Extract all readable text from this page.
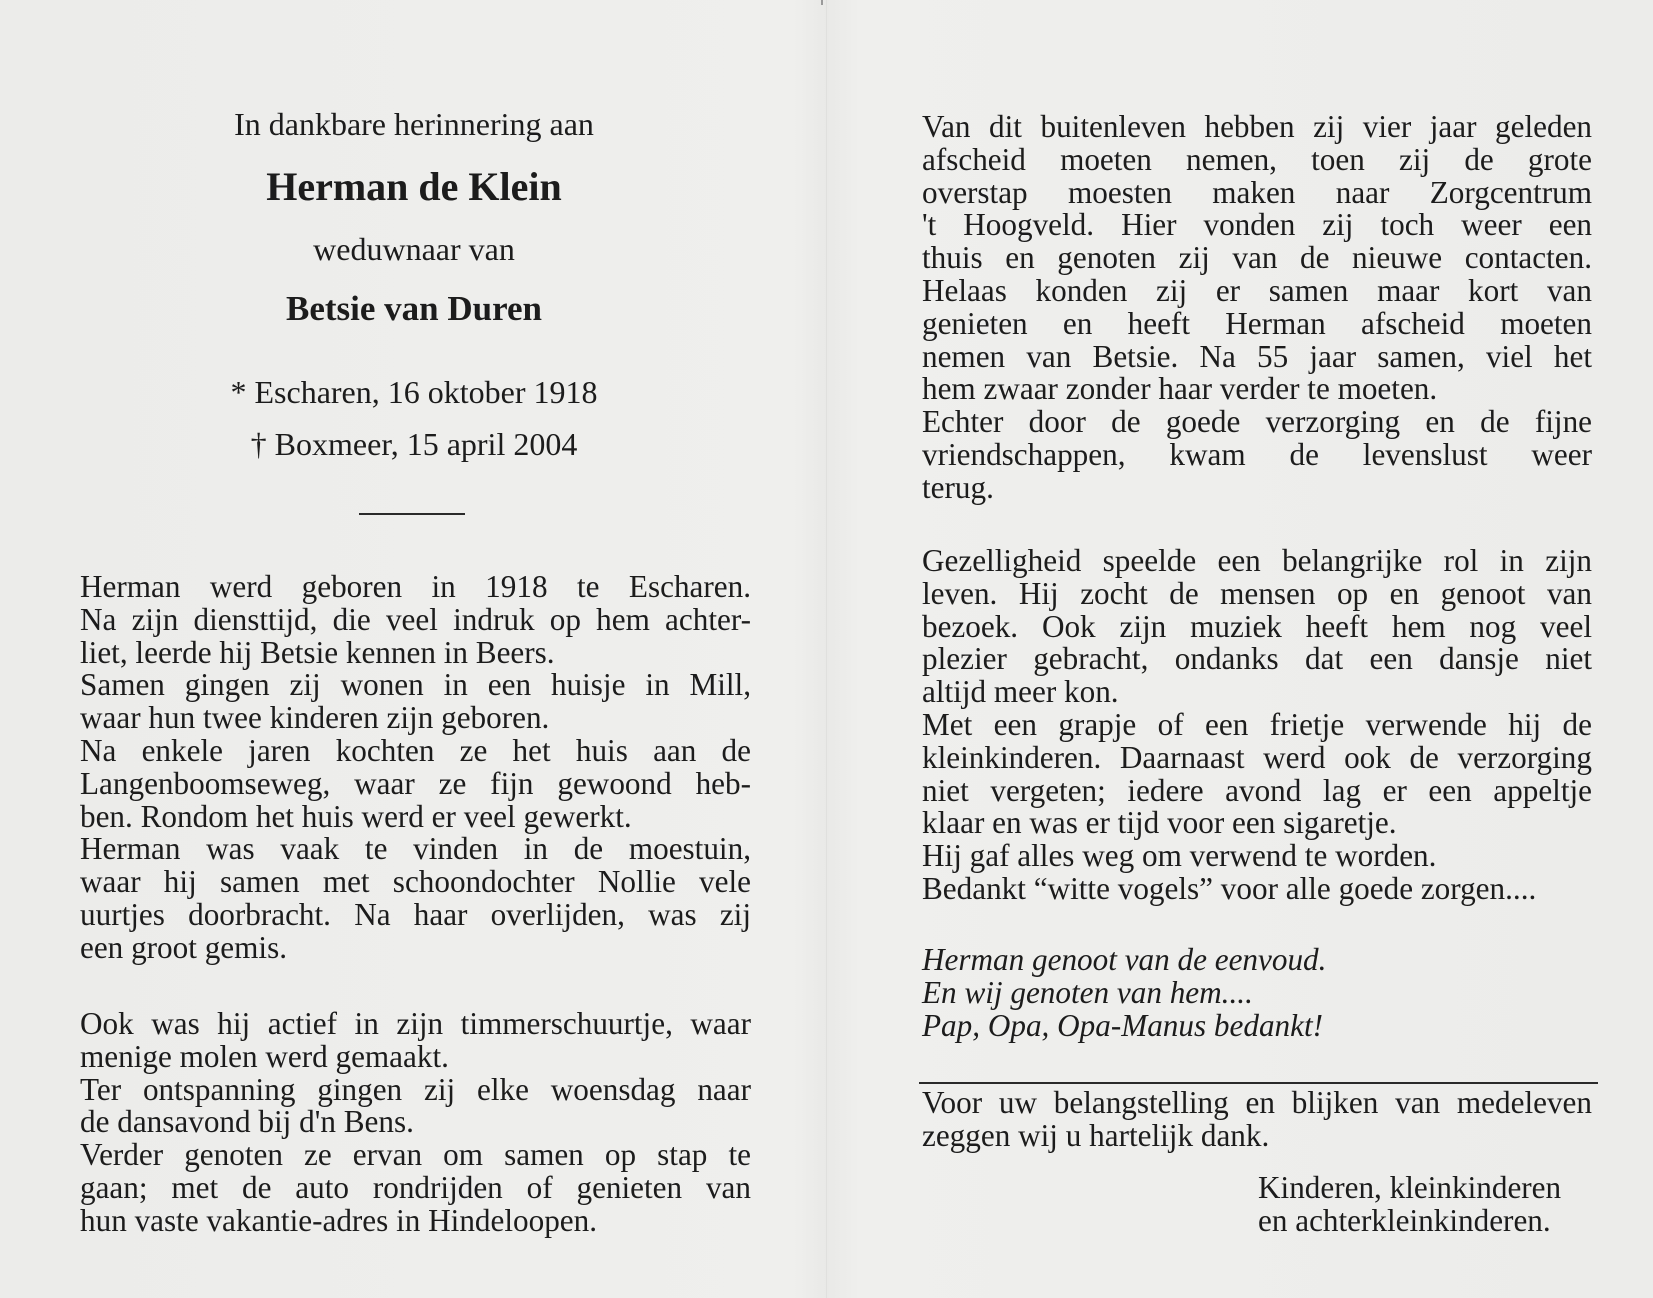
In dankbare herinnering aan
Herman de Klein
weduwnaar van
Betsie van Duren
* Escharen, 16 oktober 1918
† Boxmeer, 15 april 2004
Herman werd geboren in 1918 te Escharen.
Na zijn diensttijd, die veel indruk op hem achter-
liet, leerde hij Betsie kennen in Beers.
Samen gingen zij wonen in een huisje in Mill,
waar hun twee kinderen zijn geboren.
Na enkele jaren kochten ze het huis aan de
Langenboomseweg, waar ze fijn gewoond heb-
ben. Rondom het huis werd er veel gewerkt.
Herman was vaak te vinden in de moestuin,
waar hij samen met schoondochter Nollie vele
uurtjes doorbracht. Na haar overlijden, was zij
een groot gemis.
Ook was hij actief in zijn timmerschuurtje, waar
menige molen werd gemaakt.
Ter ontspanning gingen zij elke woensdag naar
de dansavond bij d'n Bens.
Verder genoten ze ervan om samen op stap te
gaan; met de auto rondrijden of genieten van
hun vaste vakantie-adres in Hindeloopen.
Van dit buitenleven hebben zij vier jaar geleden
afscheid moeten nemen, toen zij de grote
overstap moesten maken naar Zorgcentrum
't Hoogveld. Hier vonden zij toch weer een
thuis en genoten zij van de nieuwe contacten.
Helaas konden zij er samen maar kort van
genieten en heeft Herman afscheid moeten
nemen van Betsie. Na 55 jaar samen, viel het
hem zwaar zonder haar verder te moeten.
Echter door de goede verzorging en de fijne
vriendschappen, kwam de levenslust weer
terug.
Gezelligheid speelde een belangrijke rol in zijn
leven. Hij zocht de mensen op en genoot van
bezoek. Ook zijn muziek heeft hem nog veel
plezier gebracht, ondanks dat een dansje niet
altijd meer kon.
Met een grapje of een frietje verwende hij de
kleinkinderen. Daarnaast werd ook de verzorging
niet vergeten; iedere avond lag er een appeltje
klaar en was er tijd voor een sigaretje.
Hij gaf alles weg om verwend te worden.
Bedankt “witte vogels” voor alle goede zorgen....
Herman genoot van de eenvoud.
En wij genoten van hem....
Pap, Opa, Opa-Manus bedankt!
Voor uw belangstelling en blijken van medeleven
zeggen wij u hartelijk dank.
Kinderen, kleinkinderen
en achterkleinkinderen.
